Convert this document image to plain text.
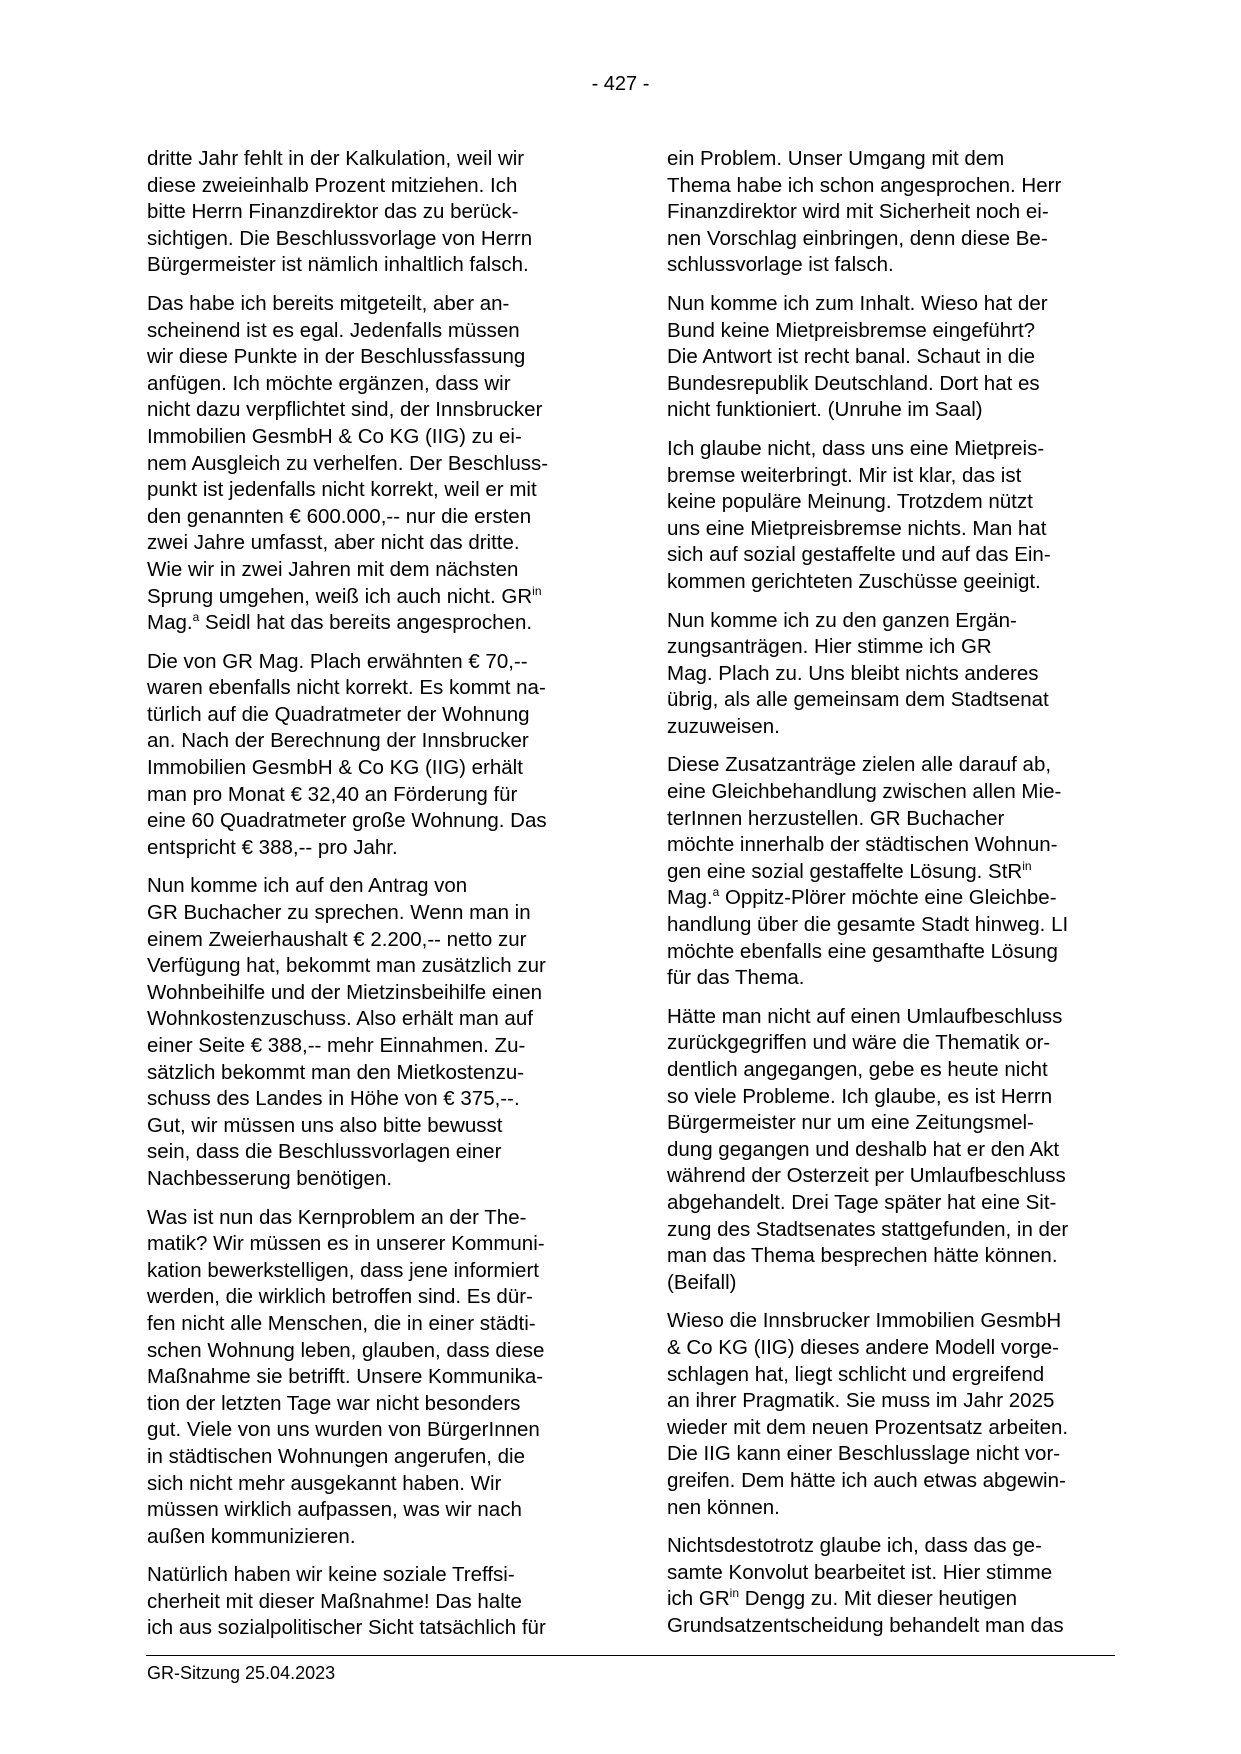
- 427 -

dritte Jahr fehlt in der Kalkulation, weil wir
diese zweieinhalb Prozent mitziehen. Ich
bitte Herrn Finanzdirektor das zu berück-
sichtigen. Die Beschlussvorlage von Herrn
Bürgermeister ist nämlich inhaltlich falsch.

Das habe ich bereits mitgeteilt, aber an-
scheinend ist es egal. Jedenfalls müssen
wir diese Punkte in der Beschlussfassung
anfügen. Ich möchte ergänzen, dass wir
nicht dazu verpflichtet sind, der Innsbrucker
Immobilien GesmbH & Co KG (IIG) zu ei-
nem Ausgleich zu verhelfen. Der Beschluss-
punkt ist jedenfalls nicht korrekt, weil er mit
den genannten € 600.000,-- nur die ersten
zwei Jahre umfasst, aber nicht das dritte.
Wie wir in zwei Jahren mit dem nächsten
Sprung umgehen, weiß ich auch nicht. $GR^{in}$
Mag.$^a$ Seidl hat das bereits angesprochen.

Die von GR Mag. Plach erwähnten € 70,--
waren ebenfalls nicht korrekt. Es kommt na-
türlich auf die Quadratmeter der Wohnung
an. Nach der Berechnung der Innsbrucker
Immobilien GesmbH & Co KG (IIG) erhält
man pro Monat € 32,40 an Förderung für
eine 60 Quadratmeter große Wohnung. Das
entspricht € 388,-- pro Jahr.

Nun komme ich auf den Antrag von
GR Buchacher zu sprechen. Wenn man in
einem Zweierhaushalt € 2.200,-- netto zur
Verfügung hat, bekommt man zusätzlich zur
Wohnbeihilfe und der Mietzinsbeihilfe einen
Wohnkostenzuschuss. Also erhält man auf
einer Seite € 388,-- mehr Einnahmen. Zu-
sätzlich bekommt man den Mietkostenzu-
schuss des Landes in Höhe von € 375,--.
Gut, wir müssen uns also bitte bewusst
sein, dass die Beschlussvorlagen einer
Nachbesserung benötigen.

Was ist nun das Kernproblem an der The-
matik? Wir müssen es in unserer Kommuni-
kation bewerkstelligen, dass jene informiert
werden, die wirklich betroffen sind. Es dür-
fen nicht alle Menschen, die in einer städti-
schen Wohnung leben, glauben, dass diese
Maßnahme sie betrifft. Unsere Kommunika-
tion der letzten Tage war nicht besonders
gut. Viele von uns wurden von BürgerInnen
in städtischen Wohnungen angerufen, die
sich nicht mehr ausgekannt haben. Wir
müssen wirklich aufpassen, was wir nach
außen kommunizieren.

Natürlich haben wir keine soziale Treffsi-
cherheit mit dieser Maßnahme! Das halte
ich aus sozialpolitischer Sicht tatsächlich für

ein Problem. Unser Umgang mit dem
Thema habe ich schon angesprochen. Herr
Finanzdirektor wird mit Sicherheit noch ei-
nen Vorschlag einbringen, denn diese Be-
schlussvorlage ist falsch.

Nun komme ich zum Inhalt. Wieso hat der
Bund keine Mietpreisbremse eingeführt?
Die Antwort ist recht banal. Schaut in die
Bundesrepublik Deutschland. Dort hat es
nicht funktioniert. (Unruhe im Saal)

Ich glaube nicht, dass uns eine Mietpreis-
bremse weiterbringt. Mir ist klar, das ist
keine populäre Meinung. Trotzdem nützt
uns eine Mietpreisbremse nichts. Man hat
sich auf sozial gestaffelte und auf das Ein-
kommen gerichteten Zuschüsse geeinigt.

Nun komme ich zu den ganzen Ergän-
zungsanträgen. Hier stimme ich GR
Mag. Plach zu. Uns bleibt nichts anderes
übrig, als alle gemeinsam dem Stadtsenat
zuzuweisen.

Diese Zusatzanträge zielen alle darauf ab,
eine Gleichbehandlung zwischen allen Mie-
terInnen herzustellen. GR Buchacher
möchte innerhalb der städtischen Wohnun-
gen eine sozial gestaffelte Lösung. StR$^{in}$
Mag.$^a$ Oppitz-Plörer möchte eine Gleichbe-
handlung über die gesamte Stadt hinweg. LI
möchte ebenfalls eine gesamthafte Lösung
für das Thema.

Hätte man nicht auf einen Umlaufbeschluss
zurückgegriffen und wäre die Thematik or-
dentlich angegangen, gebe es heute nicht
so viele Probleme. Ich glaube, es ist Herrn
Bürgermeister nur um eine Zeitungsmel-
dung gegangen und deshalb hat er den Akt
während der Osterzeit per Umlaufbeschluss
abgehandelt. Drei Tage später hat eine Sit-
zung des Stadtsenates stattgefunden, in der
man das Thema besprechen hätte können.
(Beifall)

Wieso die Innsbrucker Immobilien GesmbH
& Co KG (IIG) dieses andere Modell vorge-
schlagen hat, liegt schlicht und ergreifend
an ihrer Pragmatik. Sie muss im Jahr 2025
wieder mit dem neuen Prozentsatz arbeiten.
Die IIG kann einer Beschlusslage nicht vor-
greifen. Dem hätte ich auch etwas abgewin-
nen können.

Nichtsdestotrotz glaube ich, dass das ge-
samte Konvolut bearbeitet ist. Hier stimme
ich $GR^{in}$ Dengg zu. Mit dieser heutigen
Grundsatzentscheidung behandelt man das

GR-Sitzung 25.04.2023
